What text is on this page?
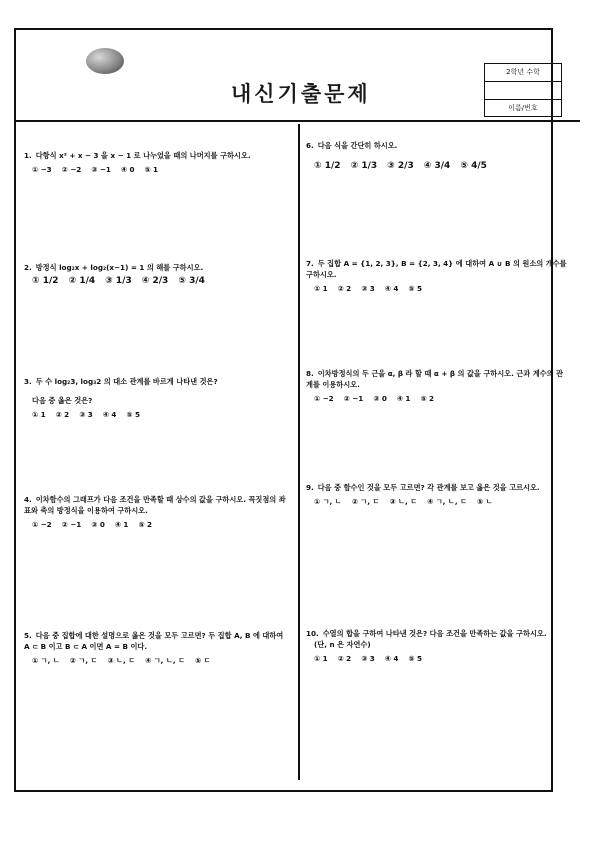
내신기출문제
2학년 수학
이름/번호
1. 다항식 x² + x − 3 을 x − 1 로 나누었을 때의 나머지를 구하시오.
① −3 ② −2 ③ −1 ④ 0 ⑤ 1
2. 방정식 log₂x + log₂(x−1) = 1 의 해를 구하시오.
① 1/2 ② 1/4 ③ 1/3 ④ 2/3 ⑤ 3/4
3. 두 수 log₂3, log₃2 의 대소 관계를 바르게 나타낸 것은?
다음 중 옳은 것은?
① 1 ② 2 ③ 3 ④ 4 ⑤ 5
4. 이차함수의 그래프가 다음 조건을 만족할 때 상수의 값을 구하시오. 꼭짓점의 좌표와 축의 방정식을 이용하여 구하시오.
① −2 ② −1 ③ 0 ④ 1 ⑤ 2
5. 다음 중 집합에 대한 설명으로 옳은 것을 모두 고르면? 두 집합 A, B 에 대하여 A ⊂ B 이고 B ⊂ A 이면 A = B 이다.
① ㄱ, ㄴ ② ㄱ, ㄷ ③ ㄴ, ㄷ ④ ㄱ, ㄴ, ㄷ ⑤ ㄷ
6. 다음 식을 간단히 하시오.
① 1/2 ② 1/3 ③ 2/3 ④ 3/4 ⑤ 4/5
7. 두 집합 A = {1, 2, 3}, B = {2, 3, 4} 에 대하여 A ∪ B 의 원소의 개수를 구하시오.
① 1 ② 2 ③ 3 ④ 4 ⑤ 5
8. 이차방정식의 두 근을 α, β 라 할 때 α + β 의 값을 구하시오. 근과 계수의 관계를 이용하시오.
① −2 ② −1 ③ 0 ④ 1 ⑤ 2
9. 다음 중 함수인 것을 모두 고르면? 각 관계를 보고 옳은 것을 고르시오.
① ㄱ, ㄴ ② ㄱ, ㄷ ③ ㄴ, ㄷ ④ ㄱ, ㄴ, ㄷ ⑤ ㄴ
10. 수열의 합을 구하여 나타낸 것은? 다음 조건을 만족하는 값을 구하시오.
(단, n 은 자연수)
① 1 ② 2 ③ 3 ④ 4 ⑤ 5
